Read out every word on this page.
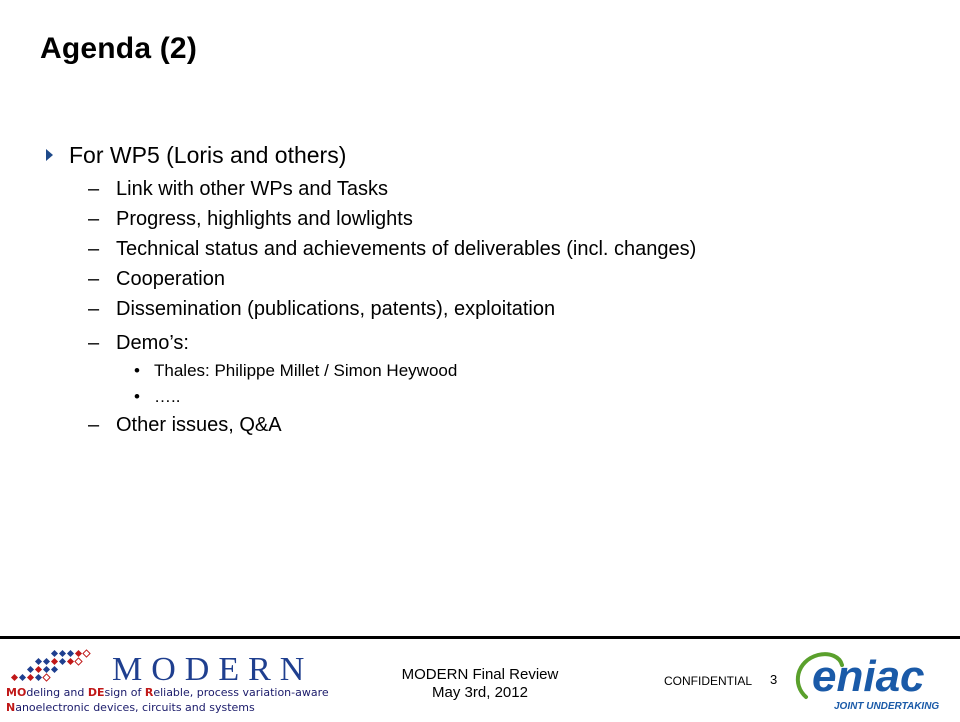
Agenda (2)
For WP5 (Loris and others)
– Link with other WPs and Tasks
– Progress, highlights and lowlights
– Technical status and achievements of deliverables (incl. changes)
– Cooperation
– Dissemination (publications, patents), exploitation
– Demo’s:
• Thales: Philippe Millet / Simon Heywood
• …..
– Other issues, Q&A
MODERN
MOdeling and DEsign of Reliable, process variation-aware
Nanoelectronic devices, circuits and systems
MODERN Final Review
May 3rd, 2012
CONFIDENTIAL 3 eniac
JOINT UNDERTAKING
